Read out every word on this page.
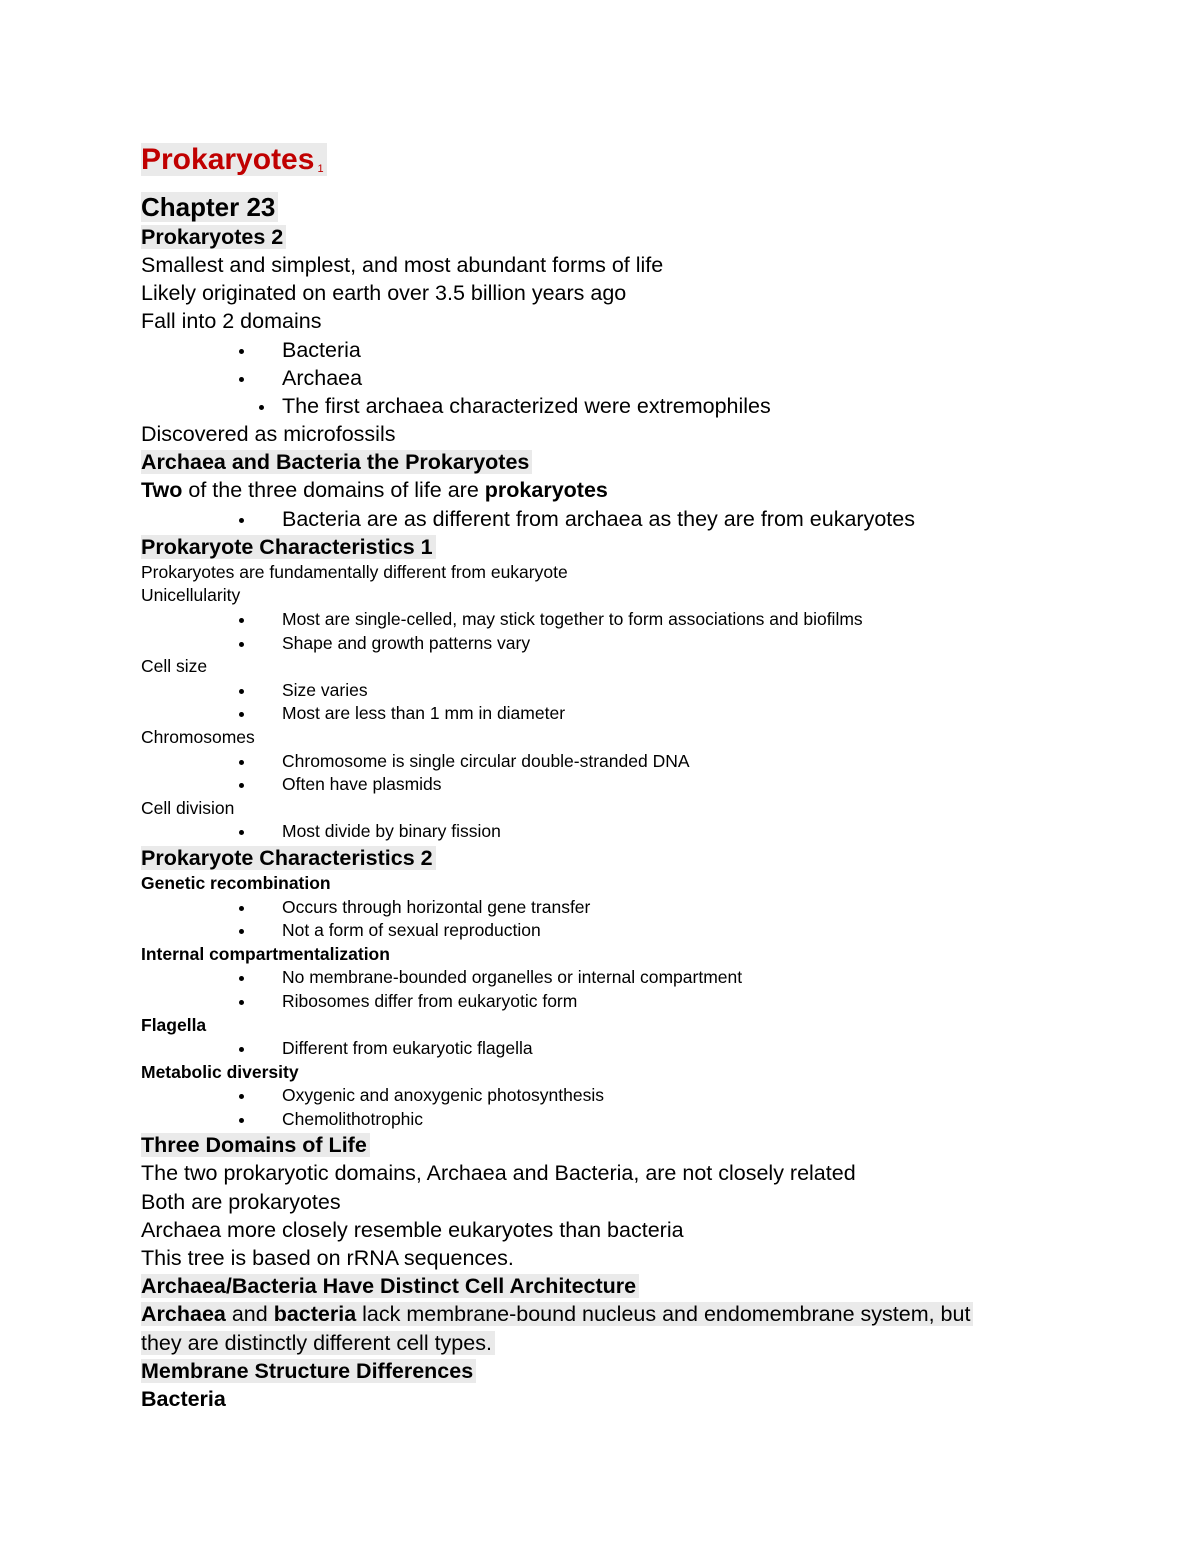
Prokaryotes $^1$
Chapter 23
Prokaryotes 2
Smallest and simplest, and most abundant forms of life
Likely originated on earth over 3.5 billion years ago
Fall into 2 domains
Bacteria
Archaea
The first archaea characterized were extremophiles
Discovered as microfossils
Archaea and Bacteria the Prokaryotes
Two of the three domains of life are prokaryotes
Bacteria are as different from archaea as they are from eukaryotes
Prokaryote Characteristics 1
Prokaryotes are fundamentally different from eukaryote
Unicellularity
Most are single-celled, may stick together to form associations and biofilms
Shape and growth patterns vary
Cell size
Size varies
Most are less than 1 mm in diameter
Chromosomes
Chromosome is single circular double-stranded DNA
Often have plasmids
Cell division
Most divide by binary fission
Prokaryote Characteristics 2
Genetic recombination
Occurs through horizontal gene transfer
Not a form of sexual reproduction
Internal compartmentalization
No membrane-bounded organelles or internal compartment
Ribosomes differ from eukaryotic form
Flagella
Different from eukaryotic flagella
Metabolic diversity
Oxygenic and anoxygenic photosynthesis
Chemolithotrophic
Three Domains of Life
The two prokaryotic domains, Archaea and Bacteria, are not closely related
Both are prokaryotes
Archaea more closely resemble eukaryotes than bacteria
This tree is based on rRNA sequences.
Archaea/Bacteria Have Distinct Cell Architecture
Archaea and bacteria lack membrane-bound nucleus and endomembrane system, but
they are distinctly different cell types.
Membrane Structure Differences
Bacteria
